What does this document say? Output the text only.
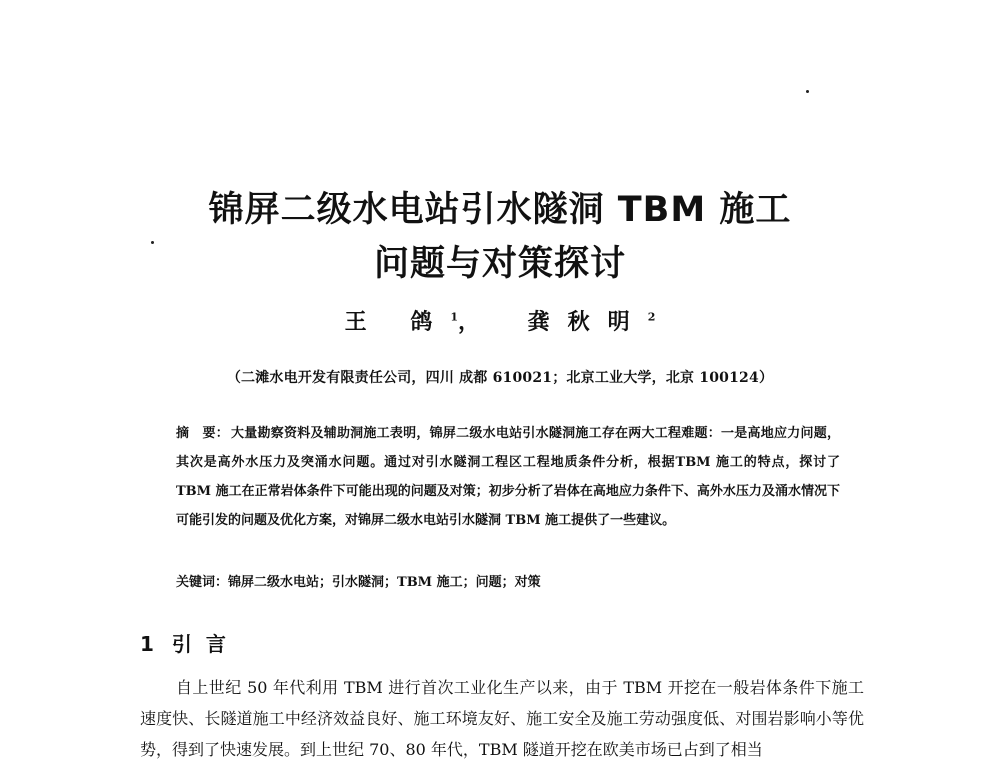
锦屏二级水电站引水隧洞 TBM 施工
问题与对策探讨
王 鸽$^1$， 龚秋明$^2$
（二滩水电开发有限责任公司，四川 成都 610021；北京工业大学，北京 100124）
摘　要： 大量勘察资料及辅助洞施工表明，锦屏二级水电站引水隧洞施工存在两大工程难题：一是高地应力问题，其次是高外水压力及突涌水问题。通过对引水隧洞工程区工程地质条件分析，根据TBM 施工的特点，探讨了 TBM 施工在正常岩体条件下可能出现的问题及对策；初步分析了岩体在高地应力条件下、高外水压力及涌水情况下可能引发的问题及优化方案，对锦屏二级水电站引水隧洞 TBM 施工提供了一些建议。
关键词：锦屏二级水电站；引水隧洞；TBM 施工；问题；对策
1 引言
自上世纪 50 年代利用 TBM 进行首次工业化生产以来，由于 TBM 开挖在一般岩体条件下施工速度快、长隧道施工中经济效益良好、施工环境友好、施工安全及施工劳动强度低、对围岩影响小等优势，得到了快速发展。到上世纪 70、80 年代，TBM 隧道开挖在欧美市场已占到了相当
